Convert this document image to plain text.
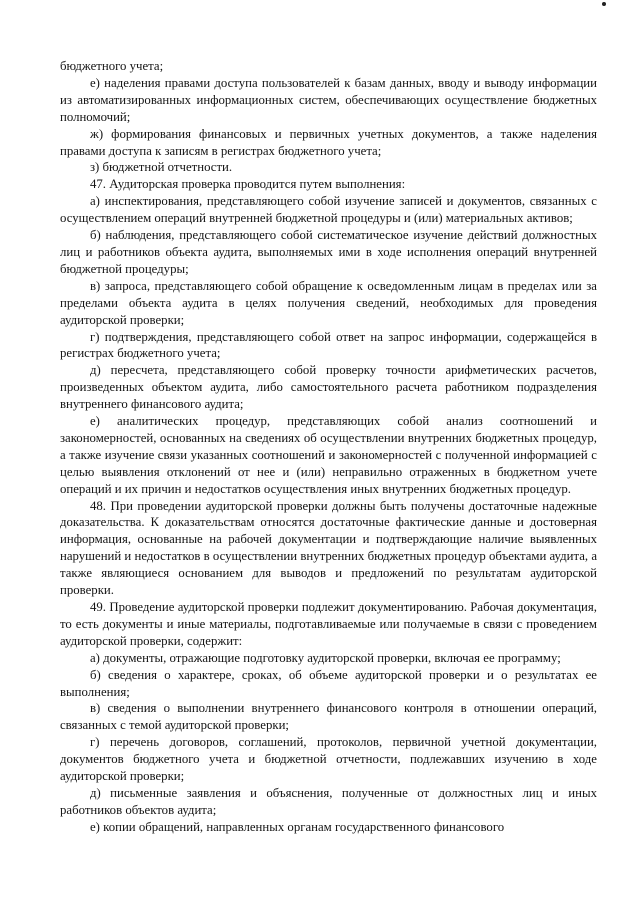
бюджетного учета;

е) наделения правами доступа пользователей к базам данных, вводу и выводу информации из автоматизированных информационных систем, обеспечивающих осуществление бюджетных полномочий;

ж) формирования финансовых и первичных учетных документов, а также наделения правами доступа к записям в регистрах бюджетного учета;

з) бюджетной отчетности.

47. Аудиторская проверка проводится путем выполнения:

а) инспектирования, представляющего собой изучение записей и документов, связанных с осуществлением операций внутренней бюджетной процедуры и (или) материальных активов;

б) наблюдения, представляющего собой систематическое изучение действий должностных лиц и работников объекта аудита, выполняемых ими в ходе исполнения операций внутренней бюджетной процедуры;

в) запроса, представляющего собой обращение к осведомленным лицам в пределах или за пределами объекта аудита в целях получения сведений, необходимых для проведения аудиторской проверки;

г) подтверждения, представляющего собой ответ на запрос информации, содержащейся в регистрах бюджетного учета;

д) пересчета, представляющего собой проверку точности арифметических расчетов, произведенных объектом аудита, либо самостоятельного расчета работником подразделения внутреннего финансового аудита;

е) аналитических процедур, представляющих собой анализ соотношений и закономерностей, основанных на сведениях об осуществлении внутренних бюджетных процедур, а также изучение связи указанных соотношений и закономерностей с полученной информацией с целью выявления отклонений от нее и (или) неправильно отраженных в бюджетном учете операций и их причин и недостатков осуществления иных внутренних бюджетных процедур.

48. При проведении аудиторской проверки должны быть получены достаточные надежные доказательства. К доказательствам относятся достаточные фактические данные и достоверная информация, основанные на рабочей документации и подтверждающие наличие выявленных нарушений и недостатков в осуществлении внутренних бюджетных процедур объектами аудита, а также являющиеся основанием для выводов и предложений по результатам аудиторской проверки.

49. Проведение аудиторской проверки подлежит документированию. Рабочая документация, то есть документы и иные материалы, подготавливаемые или получаемые в связи с проведением аудиторской проверки, содержит:

а) документы, отражающие подготовку аудиторской проверки, включая ее программу;

б) сведения о характере, сроках, об объеме аудиторской проверки и о результатах ее выполнения;

в) сведения о выполнении внутреннего финансового контроля в отношении операций, связанных с темой аудиторской проверки;

г) перечень договоров, соглашений, протоколов, первичной учетной документации, документов бюджетного учета и бюджетной отчетности, подлежавших изучению в ходе аудиторской проверки;

д) письменные заявления и объяснения, полученные от должностных лиц и иных работников объектов аудита;

е) копии обращений, направленных органам государственного финансового
